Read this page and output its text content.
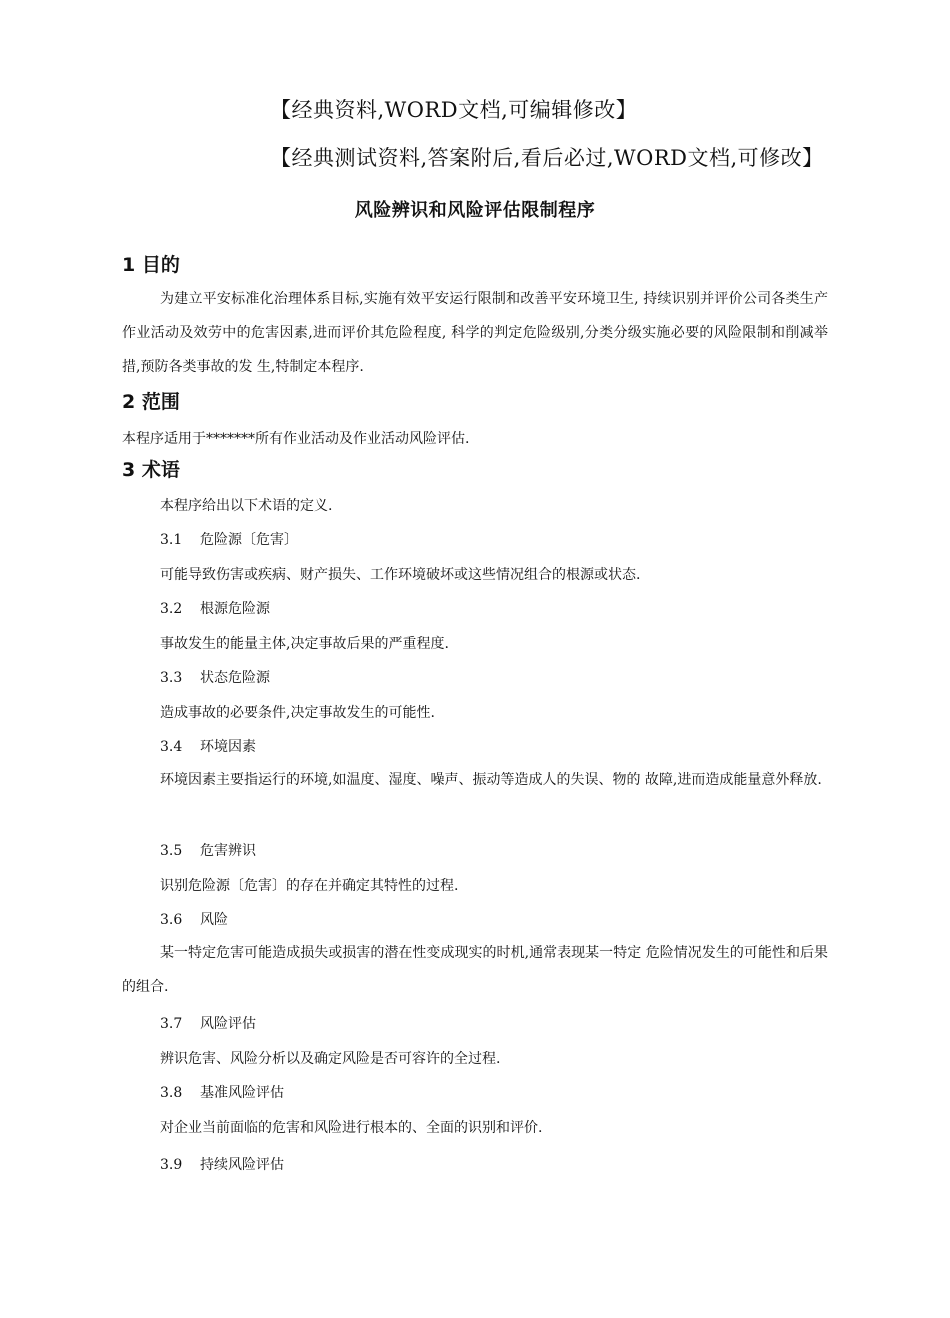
【经典资料,WORD文档,可编辑修改】
【经典测试资料,答案附后,看后必过,WORD文档,可修改】
风险辨识和风险评估限制程序
1 目的
为建立平安标准化治理体系目标,实施有效平安运行限制和改善平安环境卫生, 持续识别并评价公司各类生产作业活动及效劳中的危害因素,进而评价其危险程度, 科学的判定危险级别,分类分级实施必要的风险限制和削减举措,预防各类事故的发 生,特制定本程序.
2 范围
本程序适用于*******所有作业活动及作业活动风险评估.
3 术语
本程序给出以下术语的定义.
3.1 危险源〔危害〕
可能导致伤害或疾病、财产损失、工作环境破坏或这些情况组合的根源或状态.
3.2 根源危险源
事故发生的能量主体,决定事故后果的严重程度.
3.3 状态危险源
造成事故的必要条件,决定事故发生的可能性.
3.4 环境因素
环境因素主要指运行的环境,如温度、湿度、噪声、振动等造成人的失误、物的 故障,进而造成能量意外释放.
3.5 危害辨识
识别危险源〔危害〕的存在并确定其特性的过程.
3.6 风险
某一特定危害可能造成损失或损害的潜在性变成现实的时机,通常表现某一特定 危险情况发生的可能性和后果的组合.
3.7 风险评估
辨识危害、风险分析以及确定风险是否可容许的全过程.
3.8 基准风险评估
对企业当前面临的危害和风险进行根本的、全面的识别和评价.
3.9 持续风险评估
